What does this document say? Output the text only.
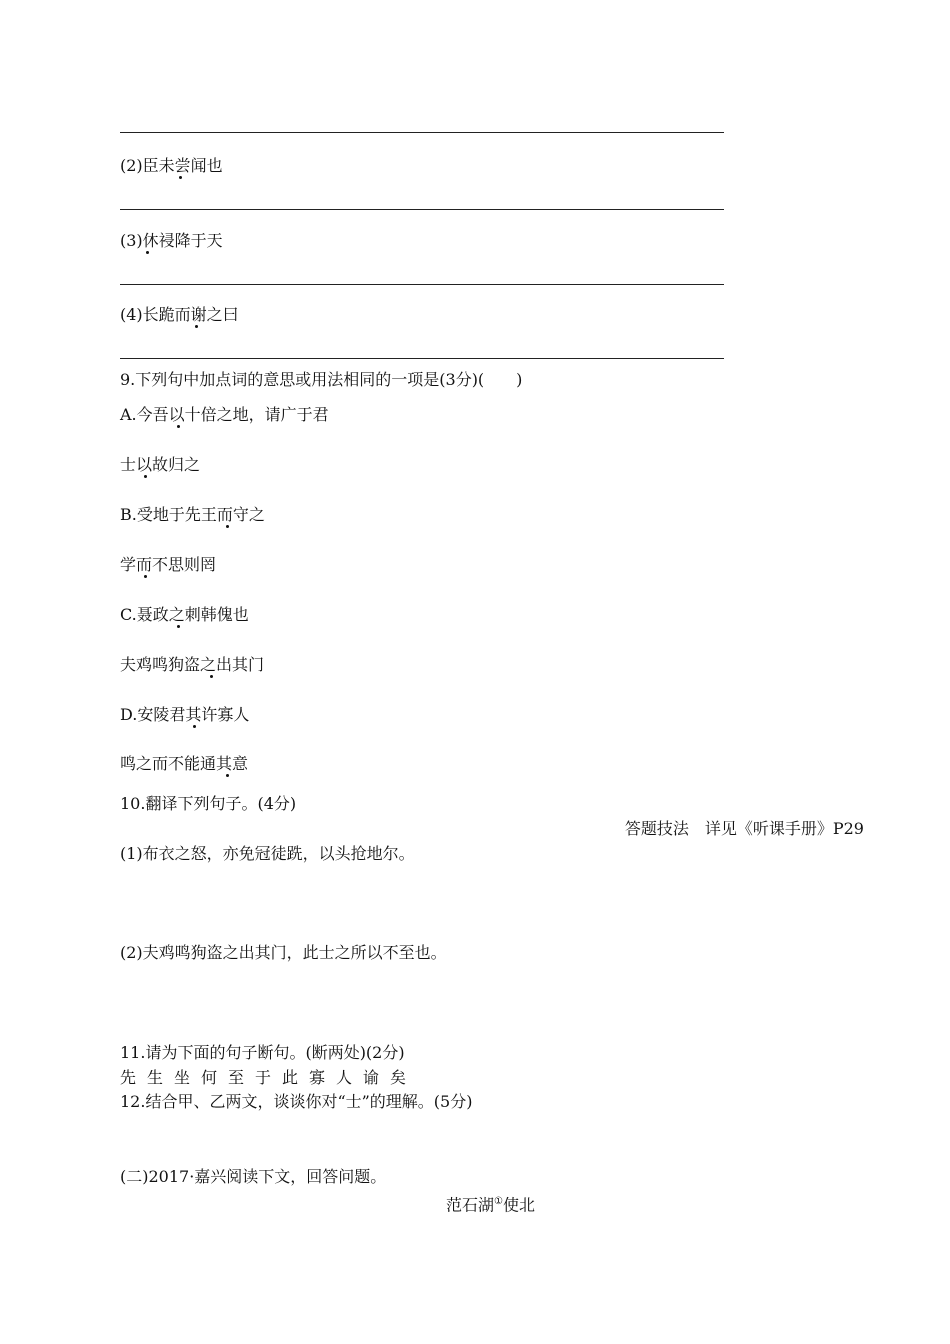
(2)臣未尝闻也
(3)休祲降于天
(4)长跪而谢之曰
9.下列句中加点词的意思或用法相同的一项是(3分)(　　)
A.今吾以十倍之地，请广于君
士以故归之
B.受地于先王而守之
学而不思则罔
C.聂政之刺韩傀也
夫鸡鸣狗盗之出其门
D.安陵君其许寡人
鸣之而不能通其意
10.翻译下列句子。(4分)
答题技法　详见《听课手册》P29
(1)布衣之怒，亦免冠徒跣，以头抢地尔。
(2)夫鸡鸣狗盗之出其门，此士之所以不至也。
11.请为下面的句子断句。(断两处)(2分)
先生坐何至于此寡人谕矣
12.结合甲、乙两文，谈谈你对“士”的理解。(5分)
(二)2017·嘉兴阅读下文，回答问题。
范石湖①使北
